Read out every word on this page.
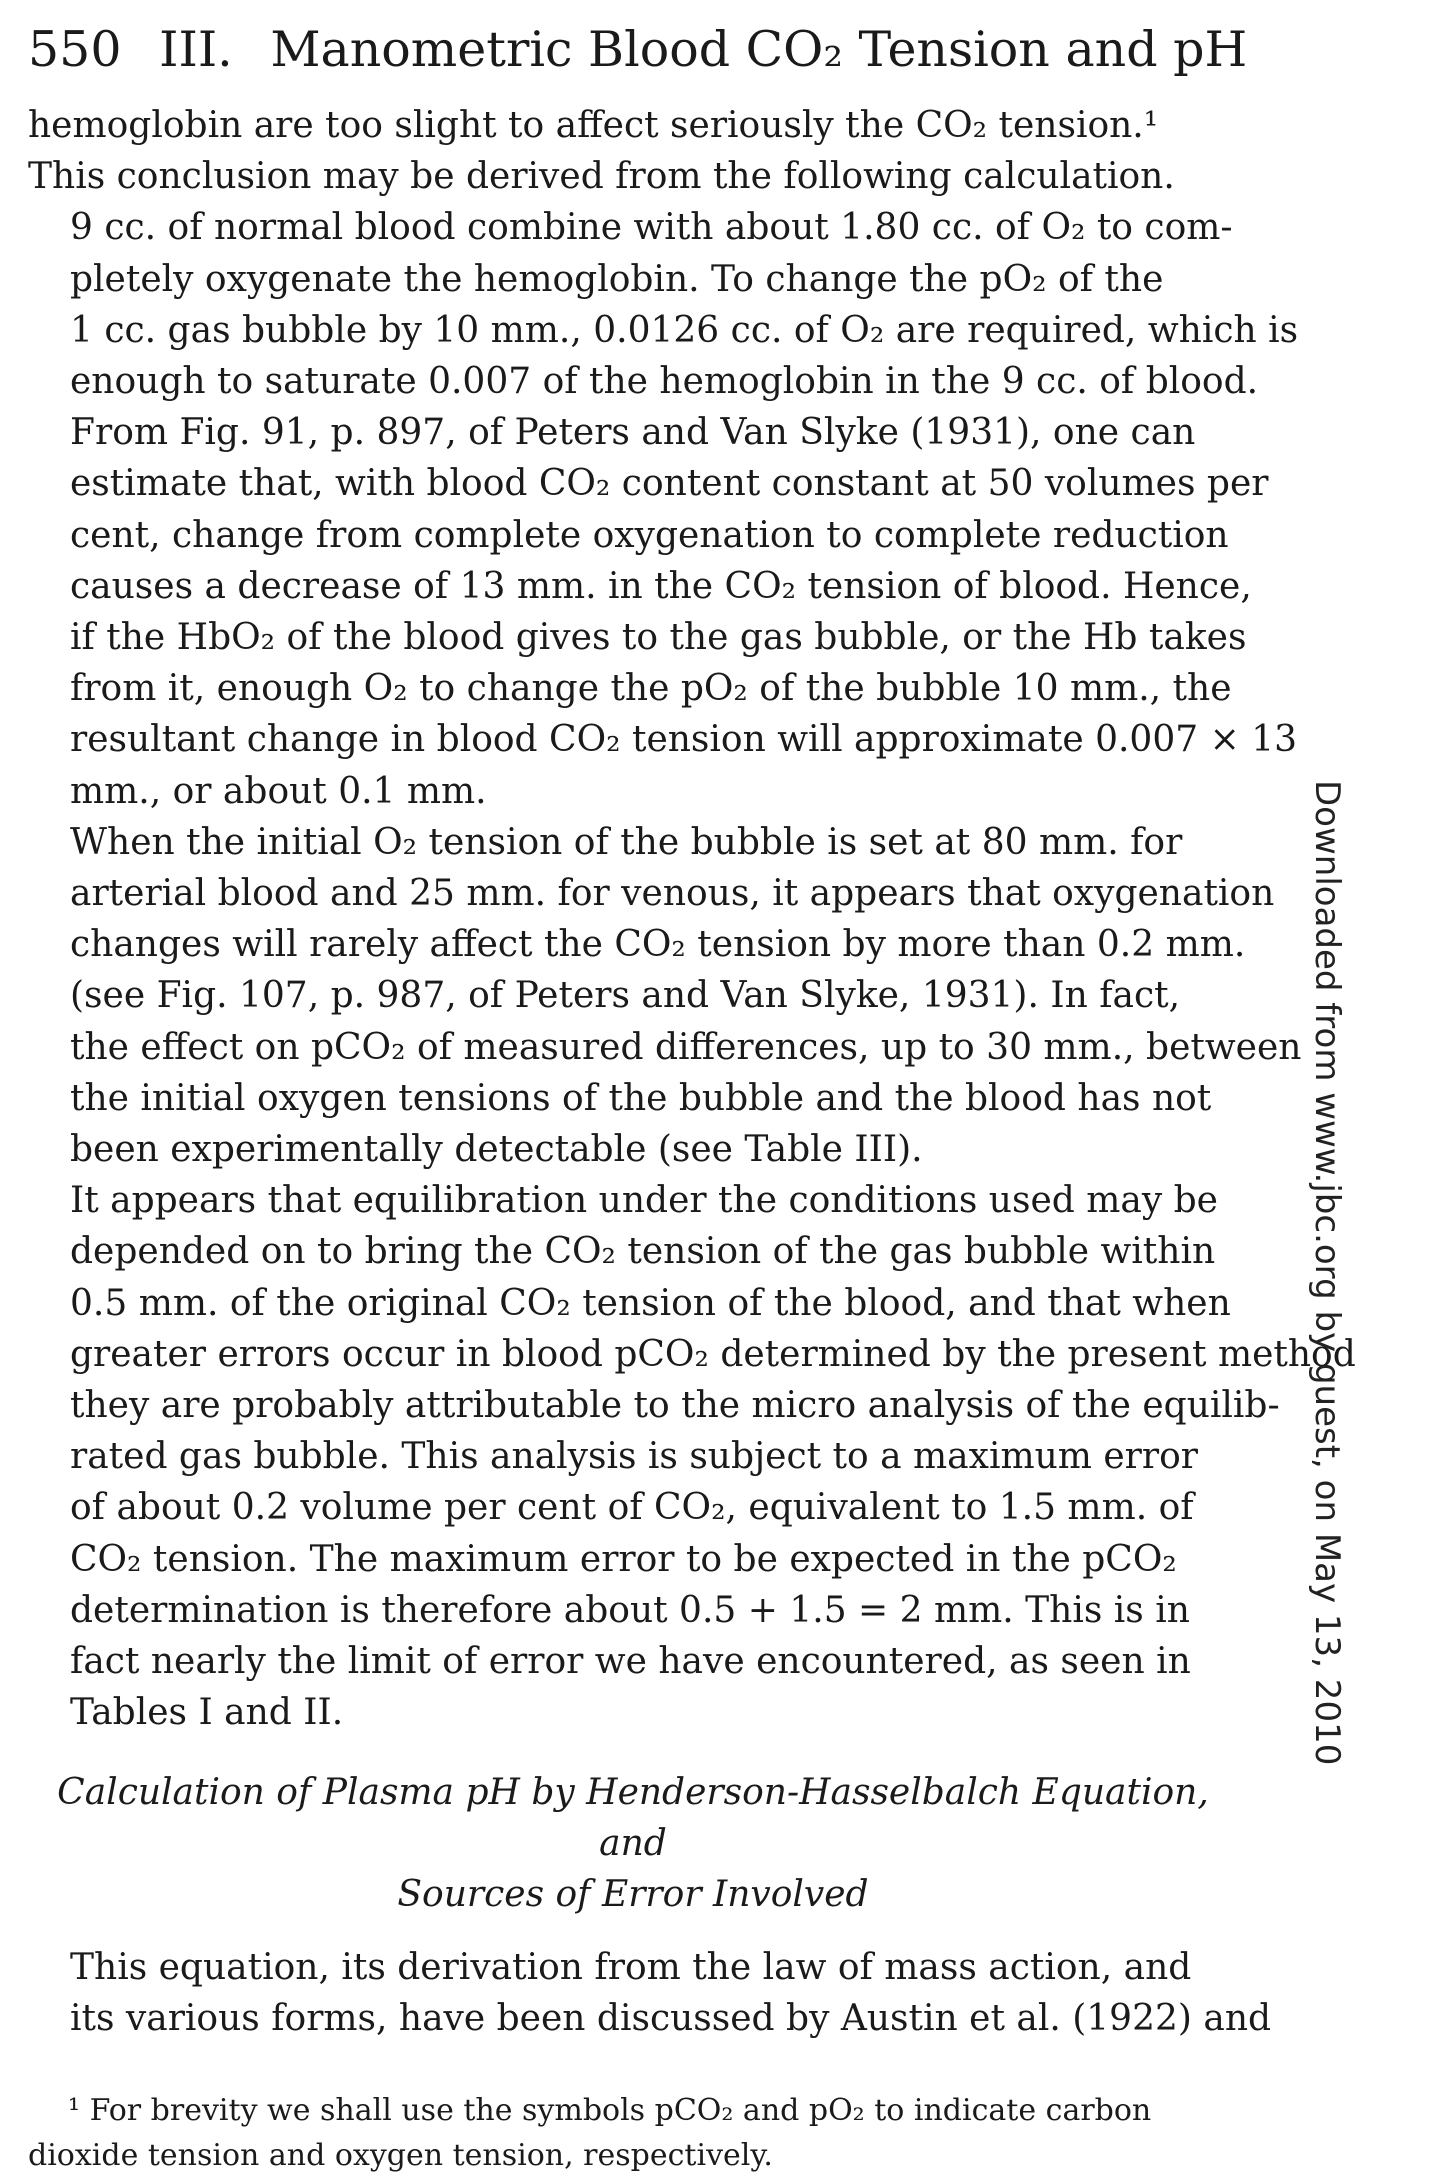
550 III. Manometric Blood CO₂ Tension and pH

hemoglobin are too slight to affect seriously the CO₂ tension.¹
This conclusion may be derived from the following calculation.

9 cc. of normal blood combine with about 1.80 cc. of O₂ to com-
pletely oxygenate the hemoglobin. To change the pO₂ of the
1 cc. gas bubble by 10 mm., 0.0126 cc. of O₂ are required, which is
enough to saturate 0.007 of the hemoglobin in the 9 cc. of blood.
From Fig. 91, p. 897, of Peters and Van Slyke (1931), one can
estimate that, with blood CO₂ content constant at 50 volumes per
cent, change from complete oxygenation to complete reduction
causes a decrease of 13 mm. in the CO₂ tension of blood. Hence,
if the HbO₂ of the blood gives to the gas bubble, or the Hb takes
from it, enough O₂ to change the pO₂ of the bubble 10 mm., the
resultant change in blood CO₂ tension will approximate 0.007 × 13
mm., or about 0.1 mm.

When the initial O₂ tension of the bubble is set at 80 mm. for
arterial blood and 25 mm. for venous, it appears that oxygenation
changes will rarely affect the CO₂ tension by more than 0.2 mm.
(see Fig. 107, p. 987, of Peters and Van Slyke, 1931). In fact,
the effect on pCO₂ of measured differences, up to 30 mm., between
the initial oxygen tensions of the bubble and the blood has not
been experimentally detectable (see Table III).

It appears that equilibration under the conditions used may be
depended on to bring the CO₂ tension of the gas bubble within
0.5 mm. of the original CO₂ tension of the blood, and that when
greater errors occur in blood pCO₂ determined by the present method
they are probably attributable to the micro analysis of the equilib-
rated gas bubble. This analysis is subject to a maximum error
of about 0.2 volume per cent of CO₂, equivalent to 1.5 mm. of
CO₂ tension. The maximum error to be expected in the pCO₂
determination is therefore about 0.5 + 1.5 = 2 mm. This is in
fact nearly the limit of error we have encountered, as seen in
Tables I and II.

Calculation of Plasma pH by Henderson-Hasselbalch Equation, and
Sources of Error Involved

This equation, its derivation from the law of mass action, and
its various forms, have been discussed by Austin et al. (1922) and

¹ For brevity we shall use the symbols pCO₂ and pO₂ to indicate carbon
dioxide tension and oxygen tension, respectively.
Downloaded from www.jbc.org by guest, on May 13, 2010
